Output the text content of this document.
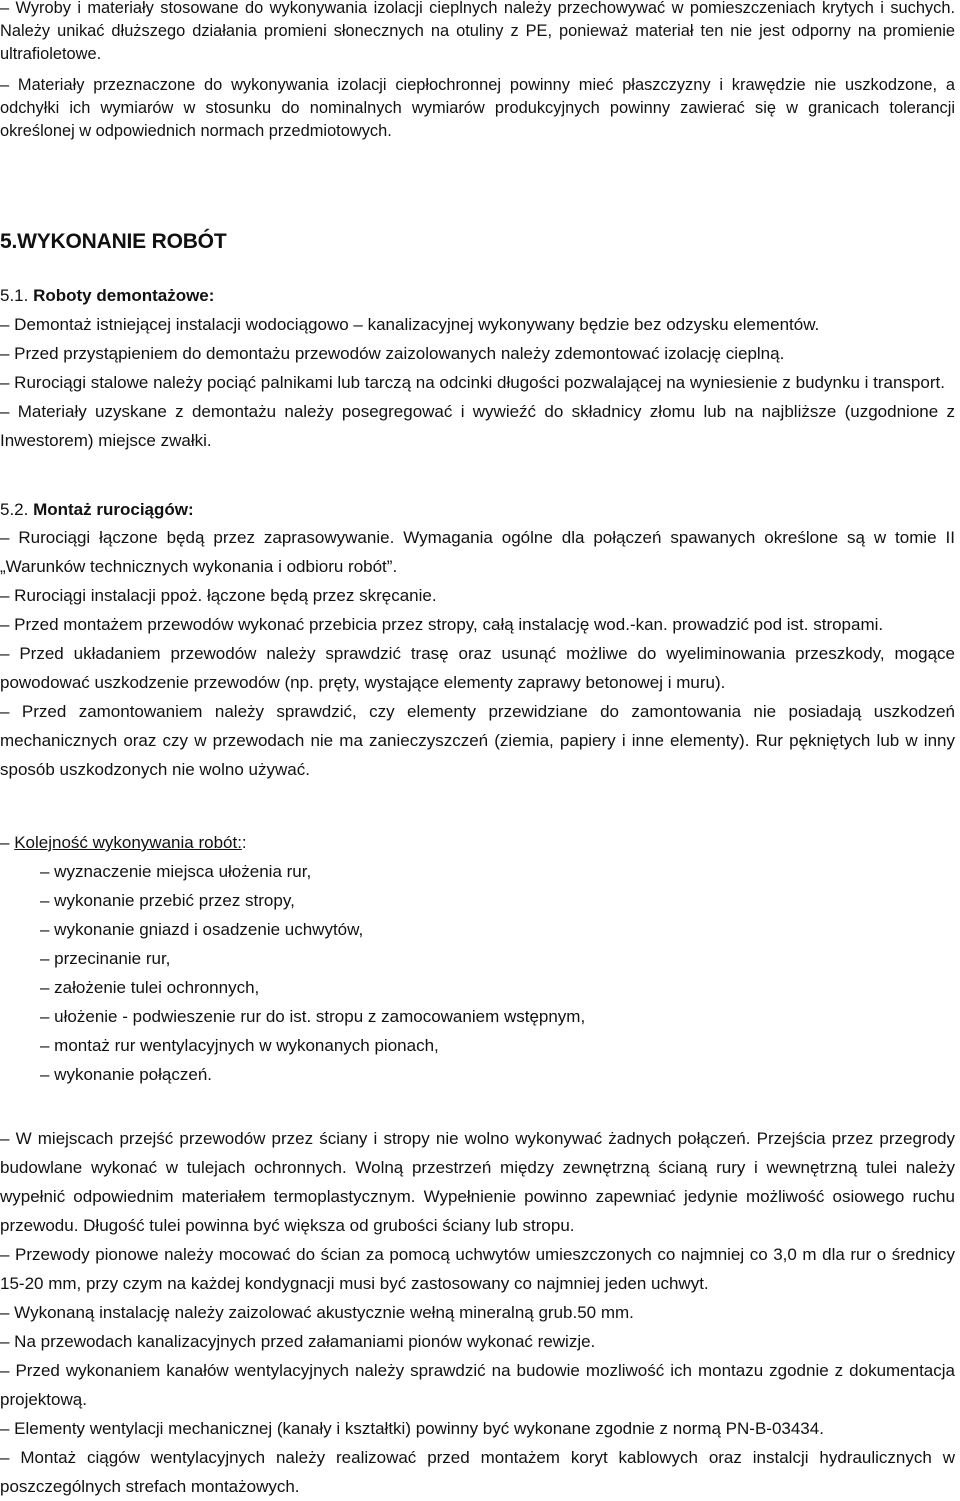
– Wyroby i materiały stosowane do wykonywania izolacji cieplnych należy przechowywać w pomieszczeniach krytych i suchych. Należy unikać dłuższego działania promieni słonecznych na otuliny z PE, ponieważ materiał ten nie jest odporny na promienie ultrafioletowe.

– Materiały przeznaczone do wykonywania izolacji ciepłochronnej powinny mieć płaszczyzny i krawędzie nie uszkodzone, a odchyłki ich wymiarów w stosunku do nominalnych wymiarów produkcyjnych powinny zawierać się w granicach tolerancji określonej w odpowiednich normach przedmiotowych.

5.WYKONANIE ROBÓT
5.1. Roboty demontażowe:
– Demontaż istniejącej instalacji wodociągowo – kanalizacyjnej wykonywany będzie bez odzysku elementów.
– Przed przystąpieniem do demontażu przewodów zaizolowanych należy zdemontować izolację cieplną.
– Rurociągi stalowe należy pociąć palnikami lub tarczą na odcinki długości pozwalającej na wyniesienie z budynku i transport.
– Materiały uzyskane z demontażu należy posegregować i wywieźć do składnicy złomu lub na najbliższe (uzgodnione z Inwestorem) miejsce zwałki.
5.2. Montaż rurociągów:
– Rurociągi łączone będą przez zaprasowywanie. Wymagania ogólne dla połączeń spawanych określone są w tomie II „Warunków technicznych wykonania i odbioru robót”.
– Rurociągi instalacji ppoż. łączone będą przez skręcanie.
– Przed montażem przewodów wykonać przebicia przez stropy, całą instalację wod.-kan. prowadzić pod ist. stropami.
– Przed układaniem przewodów należy sprawdzić trasę oraz usunąć możliwe do wyeliminowania przeszkody, mogące powodować uszkodzenie przewodów (np. pręty, wystające elementy zaprawy betonowej i muru).
– Przed zamontowaniem należy sprawdzić, czy elementy przewidziane do zamontowania nie posiadają uszkodzeń mechanicznych oraz czy w przewodach nie ma zanieczyszczeń (ziemia, papiery i inne elementy). Rur pękniętych lub w inny sposób uszkodzonych nie wolno używać.
– Kolejność wykonywania robót::
– wyznaczenie miejsca ułożenia rur,
– wykonanie przebić przez stropy,
– wykonanie gniazd i osadzenie uchwytów,
– przecinanie rur,
– założenie tulei ochronnych,
– ułożenie - podwieszenie rur do ist. stropu z zamocowaniem wstępnym,
– montaż rur wentylacyjnych w wykonanych pionach,
– wykonanie połączeń.
– W miejscach przejść przewodów przez ściany i stropy nie wolno wykonywać żadnych połączeń. Przejścia przez przegrody budowlane wykonać w tulejach ochronnych. Wolną przestrzeń między zewnętrzną ścianą rury i wewnętrzną tulei należy wypełnić odpowiednim materiałem termoplastycznym. Wypełnienie powinno zapewniać jedynie możliwość osiowego ruchu przewodu. Długość tulei powinna być większa od grubości ściany lub stropu.
– Przewody pionowe należy mocować do ścian za pomocą uchwytów umieszczonych co najmniej co 3,0 m dla rur o średnicy 15-20 mm, przy czym na każdej kondygnacji musi być zastosowany co najmniej jeden uchwyt.
– Wykonaną instalację należy zaizolować akustycznie wełną mineralną grub.50 mm.
– Na przewodach kanalizacyjnych przed załamaniami pionów wykonać rewizje.
– Przed wykonaniem kanałów wentylacyjnych należy sprawdzić na budowie mozliwość ich montazu zgodnie z dokumentacja projektową.
– Elementy wentylacji mechanicznej (kanały i kształtki) powinny być wykonane zgodnie z normą PN-B-03434.
– Montaż ciągów wentylacyjnych należy realizować przed montażem koryt kablowych oraz instalcji hydraulicznych w poszczególnych strefach montażowych.
